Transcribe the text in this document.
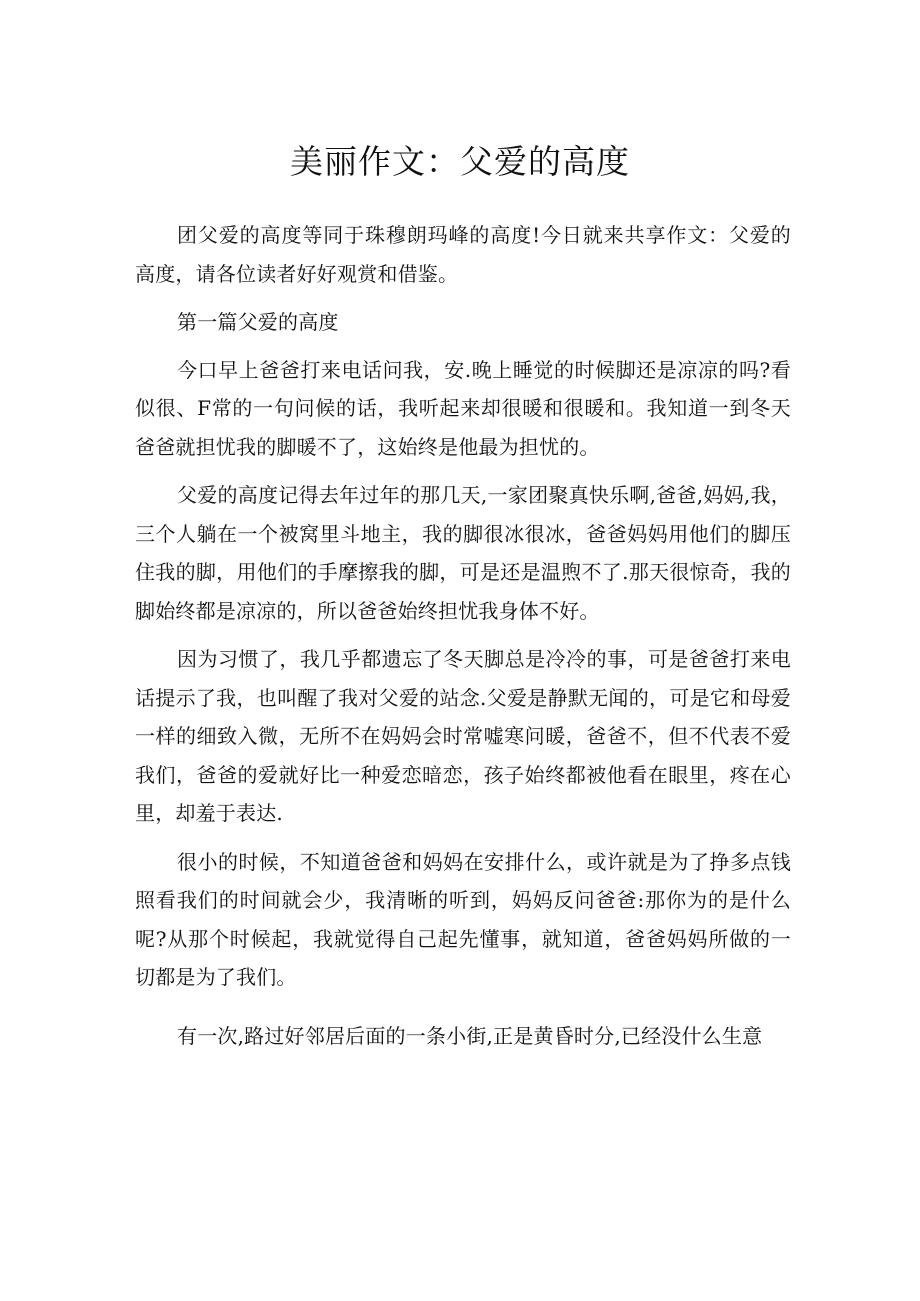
美丽作文：父爱的高度

团父爱的高度等同于珠穆朗玛峰的高度!今日就来共享作文：父爱的高度，请各位读者好好观赏和借鉴。

第一篇父爱的高度

今口早上爸爸打来电话问我，安.晚上睡觉的时候脚还是凉凉的吗?看似很、F常的一句问候的话，我听起来却很暖和很暖和。我知道一到冬天爸爸就担忧我的脚暖不了，这始终是他最为担忧的。

父爱的高度记得去年过年的那几天,一家团聚真快乐啊,爸爸,妈妈,我，三个人躺在一个被窝里斗地主，我的脚很冰很冰，爸爸妈妈用他们的脚压住我的脚，用他们的手摩擦我的脚，可是还是温煦不了.那天很惊奇，我的脚始终都是凉凉的，所以爸爸始终担忧我身体不好。

因为习惯了，我几乎都遗忘了冬天脚总是冷冷的事，可是爸爸打来电话提示了我，也叫醒了我对父爱的站念.父爱是静默无闻的，可是它和母爱一样的细致入微，无所不在妈妈会时常嘘寒问暖，爸爸不，但不代表不爱我们，爸爸的爱就好比一种爱恋暗恋，孩子始终都被他看在眼里，疼在心里，却羞于表达.

很小的时候，不知道爸爸和妈妈在安排什么，或许就是为了挣多点钱照看我们的时间就会少，我清晰的听到，妈妈反问爸爸:那你为的是什么呢?从那个时候起，我就觉得自己起先懂事，就知道，爸爸妈妈所做的一切都是为了我们。

有一次,路过好邻居后面的一条小街,正是黄昏时分,已经没什么生意
